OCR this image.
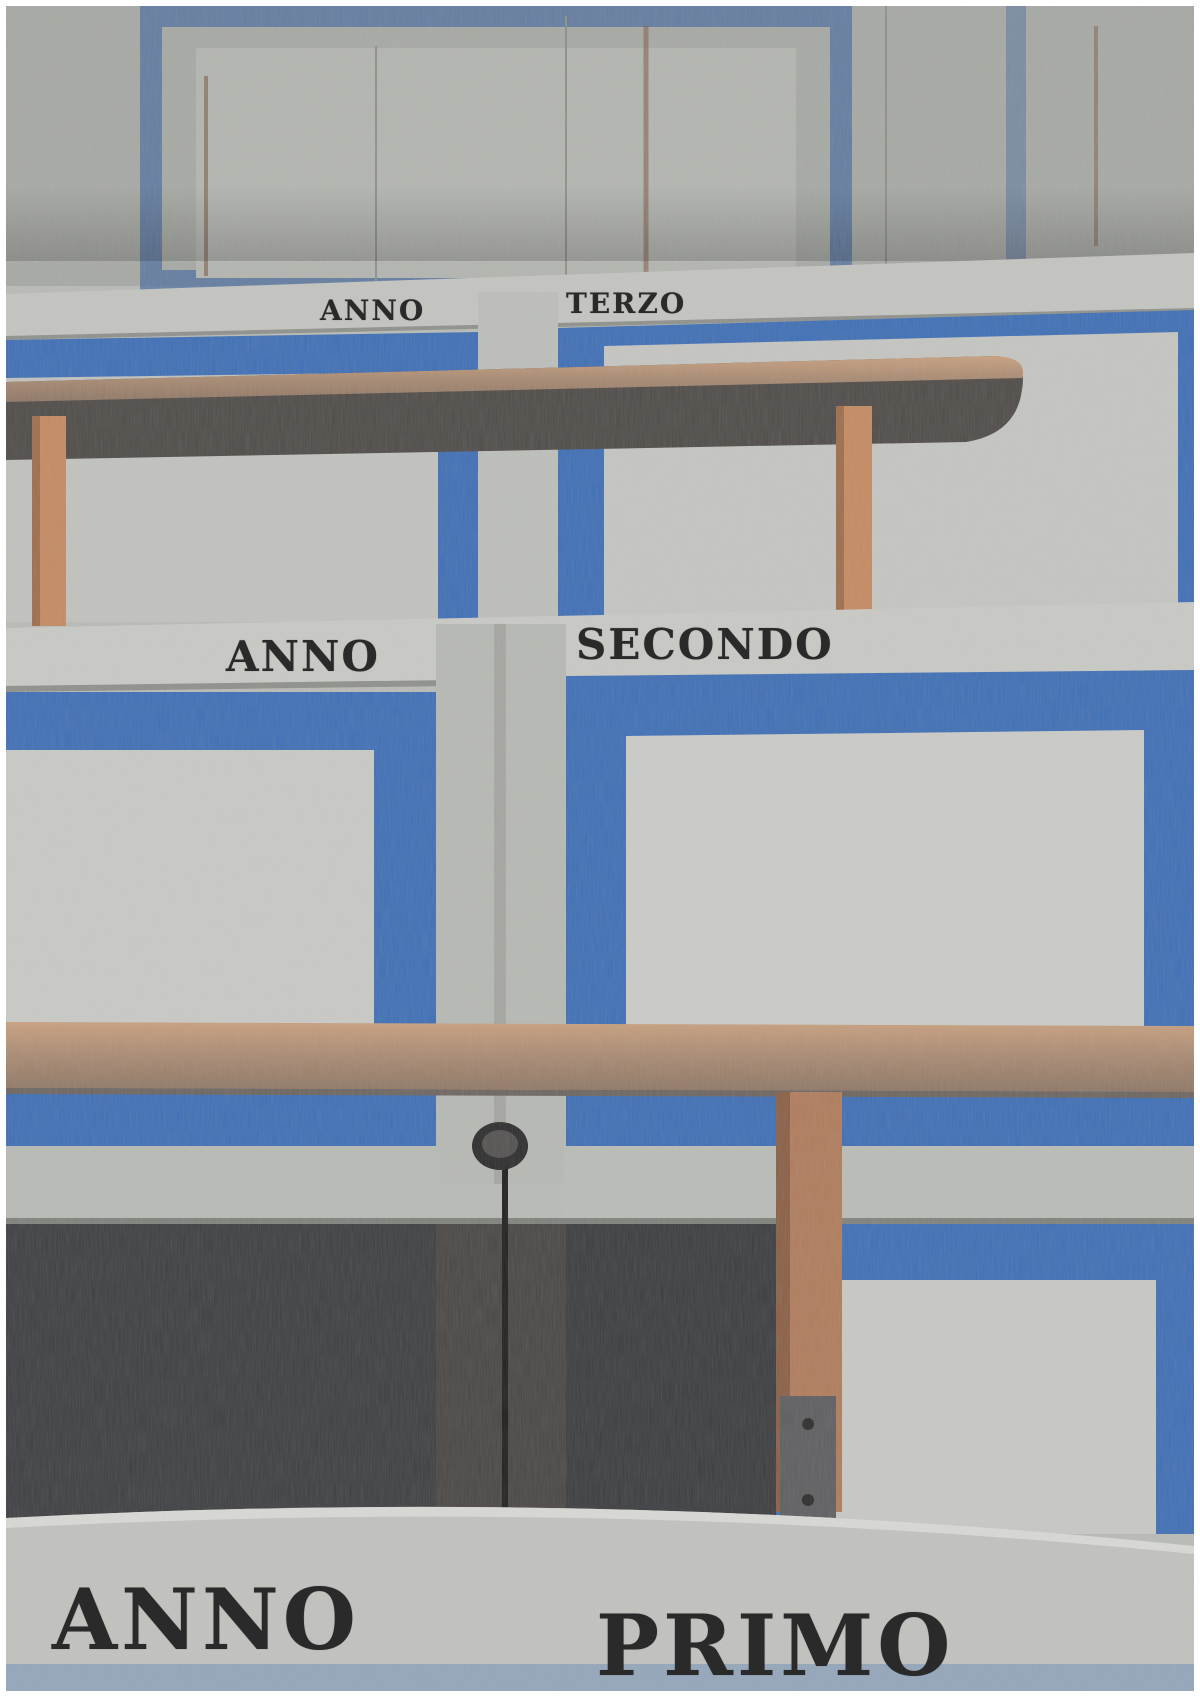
ANNO	TERZO
ANNO	SECONDO
ANNO	PRIMO
